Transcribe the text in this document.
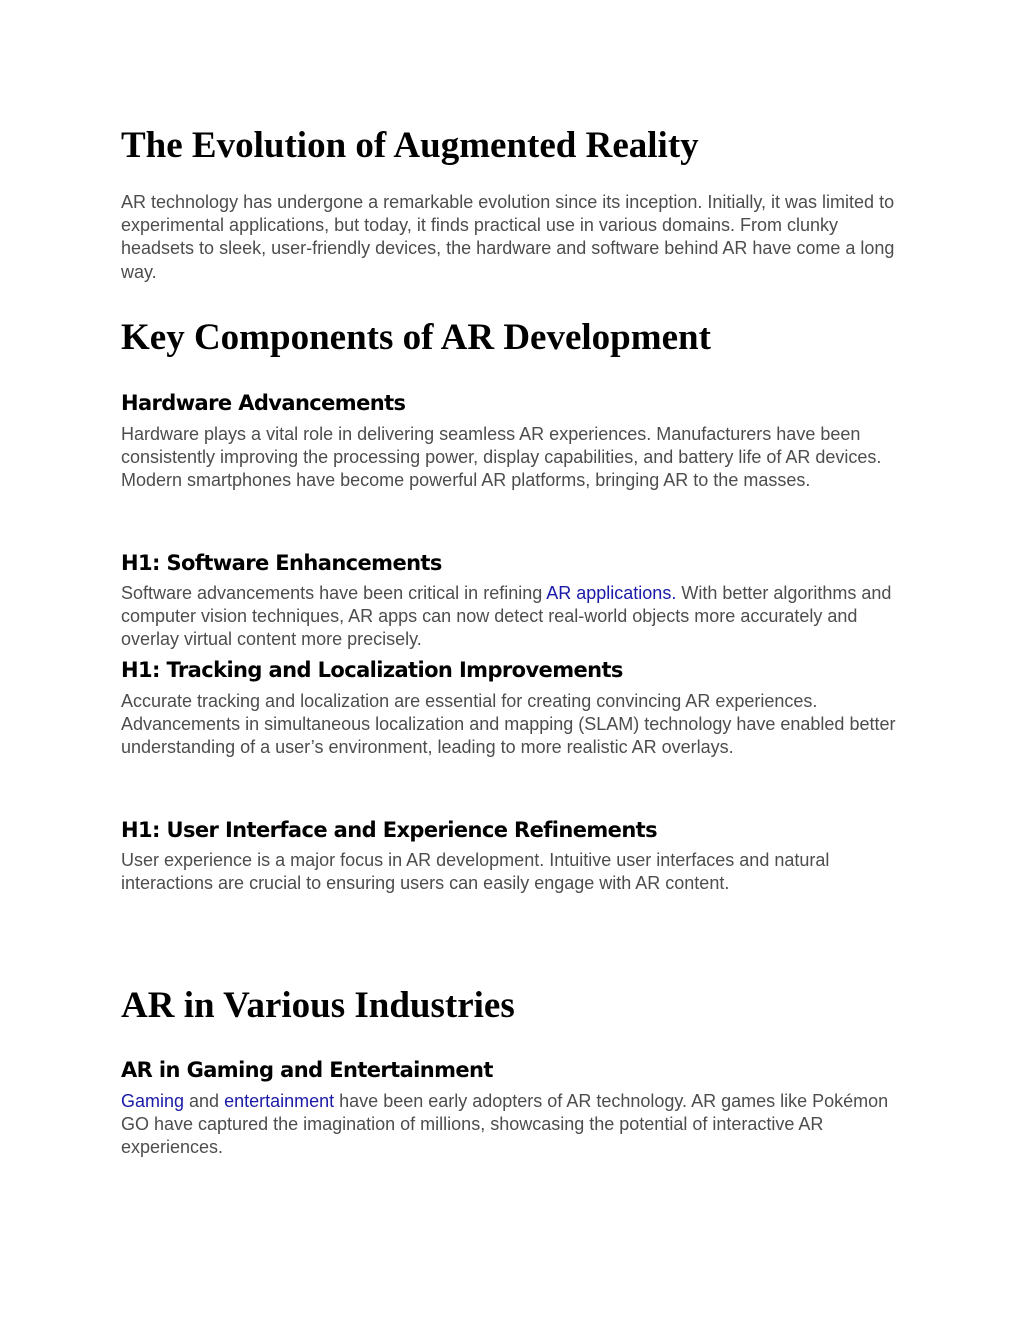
The Evolution of Augmented Reality

AR technology has undergone a remarkable evolution since its inception. Initially, it was limited to experimental applications, but today, it finds practical use in various domains. From clunky headsets to sleek, user-friendly devices, the hardware and software behind AR have come a long way.

Key Components of AR Development
Hardware Advancements

Hardware plays a vital role in delivering seamless AR experiences. Manufacturers have been consistently improving the processing power, display capabilities, and battery life of AR devices. Modern smartphones have become powerful AR platforms, bringing AR to the masses.

H1: Software Enhancements

Software advancements have been critical in refining AR applications. With better algorithms and computer vision techniques, AR apps can now detect real-world objects more accurately and overlay virtual content more precisely.

H1: Tracking and Localization Improvements

Accurate tracking and localization are essential for creating convincing AR experiences. Advancements in simultaneous localization and mapping (SLAM) technology have enabled better understanding of a user’s environment, leading to more realistic AR overlays.

H1: User Interface and Experience Refinements

User experience is a major focus in AR development. Intuitive user interfaces and natural interactions are crucial to ensuring users can easily engage with AR content.

AR in Various Industries
AR in Gaming and Entertainment

Gaming and entertainment have been early adopters of AR technology. AR games like Pokémon GO have captured the imagination of millions, showcasing the potential of interactive AR experiences.
